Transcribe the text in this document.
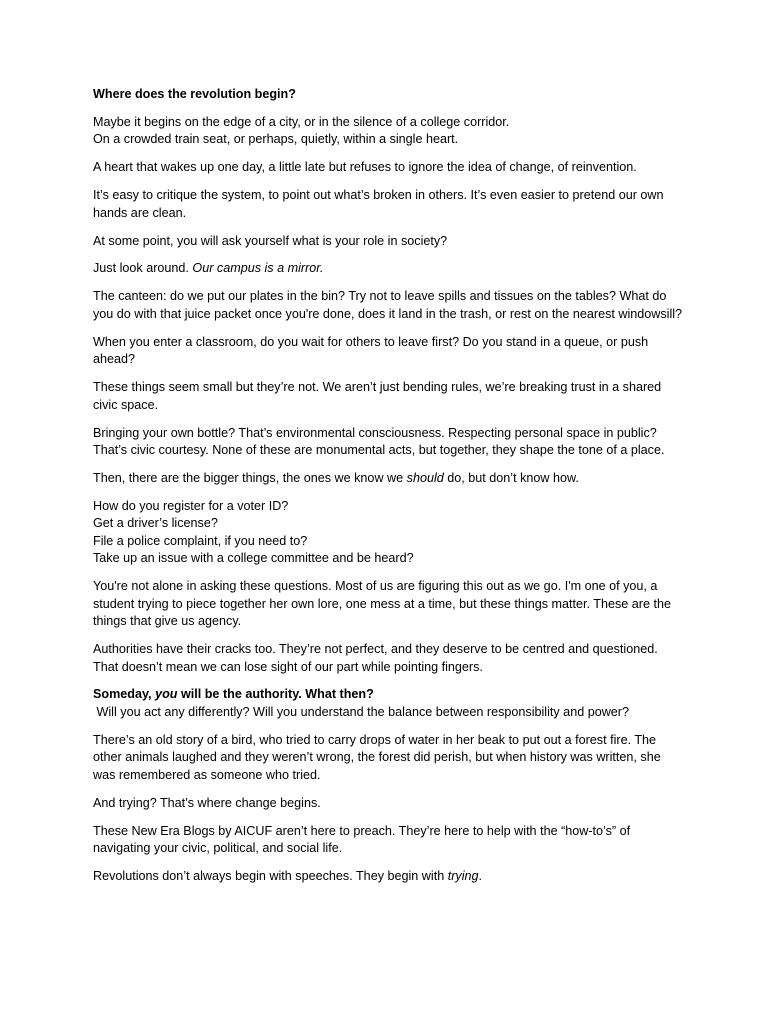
Where does the revolution begin?

Maybe it begins on the edge of a city, or in the silence of a college corridor.
On a crowded train seat, or perhaps, quietly, within a single heart.

A heart that wakes up one day, a little late but refuses to ignore the idea of change, of reinvention.

It’s easy to critique the system, to point out what’s broken in others. It’s even easier to pretend our own hands are clean.

At some point, you will ask yourself what is your role in society?

Just look around. Our campus is a mirror.

The canteen: do we put our plates in the bin? Try not to leave spills and tissues on the tables? What do you do with that juice packet once you're done, does it land in the trash, or rest on the nearest windowsill?

When you enter a classroom, do you wait for others to leave first? Do you stand in a queue, or push ahead?

These things seem small but they’re not. We aren’t just bending rules, we’re breaking trust in a shared civic space.

Bringing your own bottle? That’s environmental consciousness. Respecting personal space in public? That’s civic courtesy. None of these are monumental acts, but together, they shape the tone of a place.

Then, there are the bigger things, the ones we know we should do, but don’t know how.

How do you register for a voter ID?
Get a driver’s license?
File a police complaint, if you need to?
Take up an issue with a college committee and be heard?

You're not alone in asking these questions. Most of us are figuring this out as we go. I'm one of you, a student trying to piece together her own lore, one mess at a time, but these things matter. These are the things that give us agency.

Authorities have their cracks too. They’re not perfect, and they deserve to be centred and questioned. That doesn’t mean we can lose sight of our part while pointing fingers.

Someday, you will be the authority. What then?
Will you act any differently? Will you understand the balance between responsibility and power?

There’s an old story of a bird, who tried to carry drops of water in her beak to put out a forest fire. The other animals laughed and they weren’t wrong, the forest did perish, but when history was written, she was remembered as someone who tried.

And trying? That’s where change begins.

These New Era Blogs by AICUF aren’t here to preach. They’re here to help with the “how-to’s” of navigating your civic, political, and social life.

Revolutions don’t always begin with speeches. They begin with trying.
